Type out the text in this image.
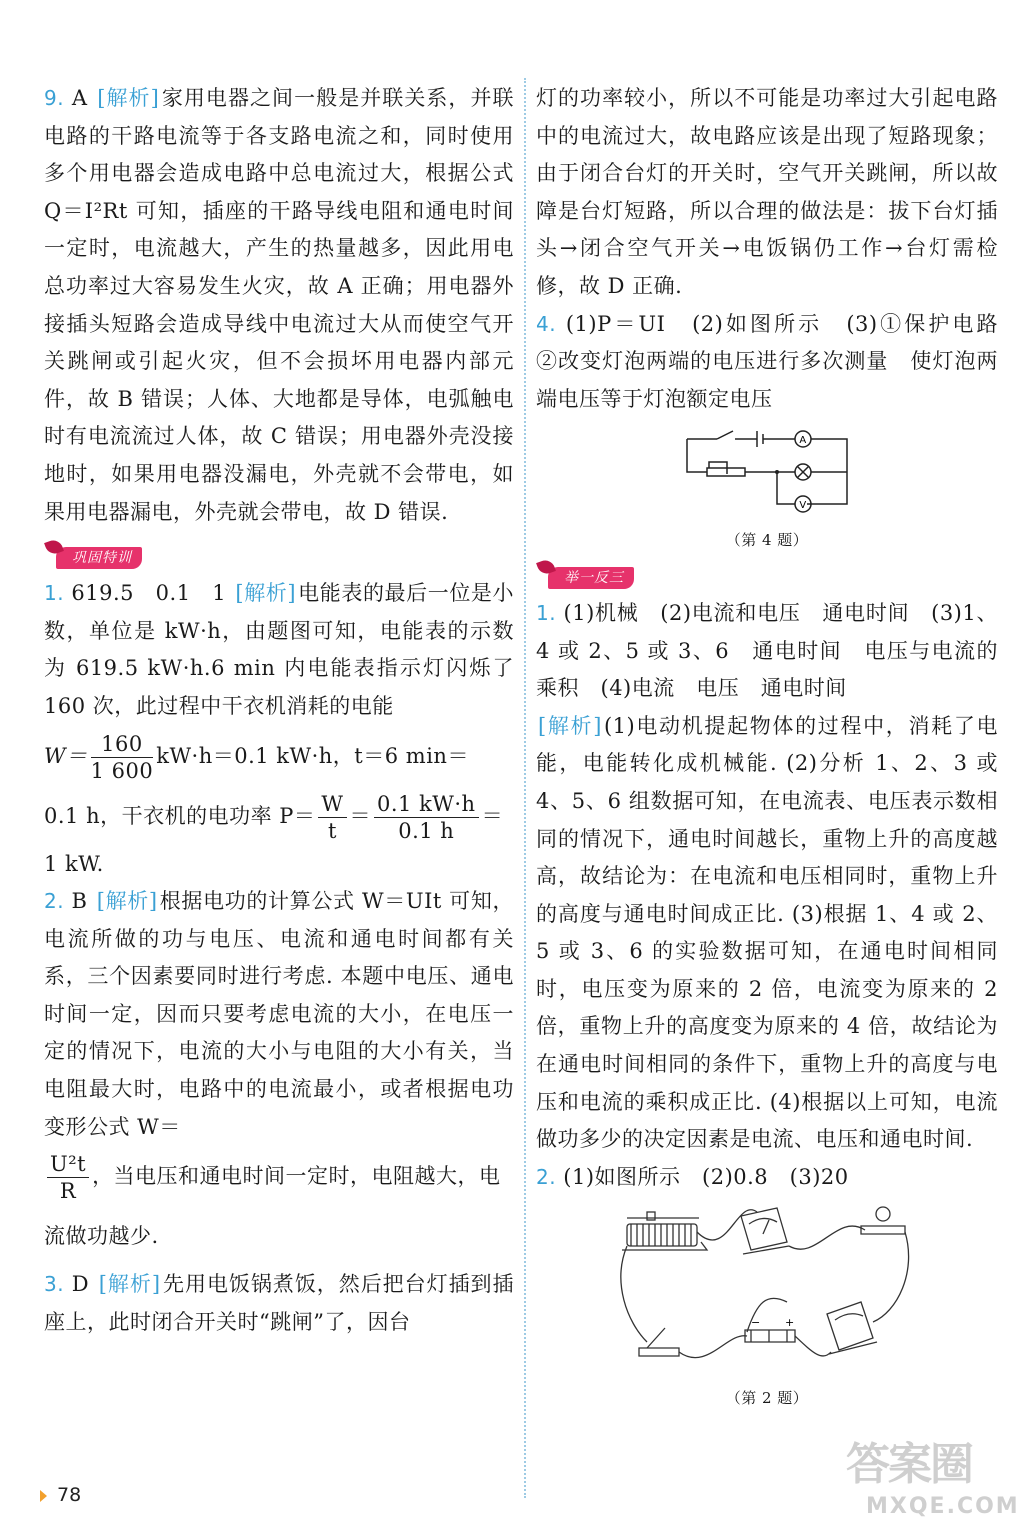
9. A [解析]家用电器之间一般是并联关系，并联电路的干路电流等于各支路电流之和，同时使用多个用电器会造成电路中总电流过大，根据公式 Q＝I²Rt 可知，插座的干路导线电阻和通电时间一定时，电流越大，产生的热量越多，因此用电总功率过大容易发生火灾，故 A 正确；用电器外接插头短路会造成导线中电流过大从而使空气开关跳闸或引起火灾，但不会损坏用电器内部元件，故 B 错误；人体、大地都是导体，电弧触电时有电流流过人体，故 C 错误；用电器外壳没接地时，如果用电器没漏电，外壳就不会带电，如果用电器漏电，外壳就会带电，故 D 错误.
巩固特训
1. 619.5　0.1　1 [解析]电能表的最后一位是小数，单位是 kW·h，由题图可知，电能表的示数为 619.5 kW·h.6 min 内电能表指示灯闪烁了 160 次，此过程中干衣机消耗的电能
$W= \frac{160}{1 600} kW\cdot h=0.1$ kW·h，t＝6 min＝
0.1 h，干衣机的电功率 $P= \frac{W}{t} = \frac{0.1 kW\cdot h}{0.1 h}$ ＝
1 kW.
2. B [解析]根据电功的计算公式 W＝UIt 可知，电流所做的功与电压、电流和通电时间都有关系，三个因素要同时进行考虑. 本题中电压、通电时间一定，因而只要考虑电流的大小，在电压一定的情况下，电流的大小与电阻的大小有关，当电阻最大时，电路中的电流最小，或者根据电功变形公式 W＝
$\frac{\text{U²t}}{R}$ ，当电压和通电时间一定时，电阻越大，电流做功越少.
3. D [解析]先用电饭锅煮饭，然后把台灯插到插座上，此时闭合开关时“跳闸”了，因台
灯的功率较小，所以不可能是功率过大引起电路中的电流过大，故电路应该是出现了短路现象；由于闭合台灯的开关时，空气开关跳闸，所以故障是台灯短路，所以合理的做法是：拔下台灯插头→闭合空气开关→电饭锅仍工作→台灯需检修，故 D 正确.
4. (1)P＝UI　(2)如图所示　(3)①保护电路　②改变灯泡两端的电压进行多次测量　使灯泡两端电压等于灯泡额定电压
A
V
（第 4 题）
举一反三
1. (1)机械　(2)电流和电压　通电时间　(3)1、4 或 2、5 或 3、6　通电时间　电压与电流的乘积　(4)电流　电压　通电时间
[解析](1)电动机提起物体的过程中，消耗了电能，电能转化成机械能. (2)分析 1、2、3 或 4、5、6 组数据可知，在电流表、电压表示数相同的情况下，通电时间越长，重物上升的高度越高，故结论为：在电流和电压相同时，重物上升的高度与通电时间成正比. (3)根据 1、4 或 2、5 或 3、6 的实验数据可知，在通电时间相同时，电压变为原来的 2 倍，电流变为原来的 2 倍，重物上升的高度变为原来的 4 倍，故结论为在通电时间相同的条件下，重物上升的高度与电压和电流的乘积成正比. (4)根据以上可知，电流做功多少的决定因素是电流、电压和通电时间.
2. (1)如图所示　(2)0.8　(3)20
− +
（第 2 题）
78
答案圈
MXQE.COM
